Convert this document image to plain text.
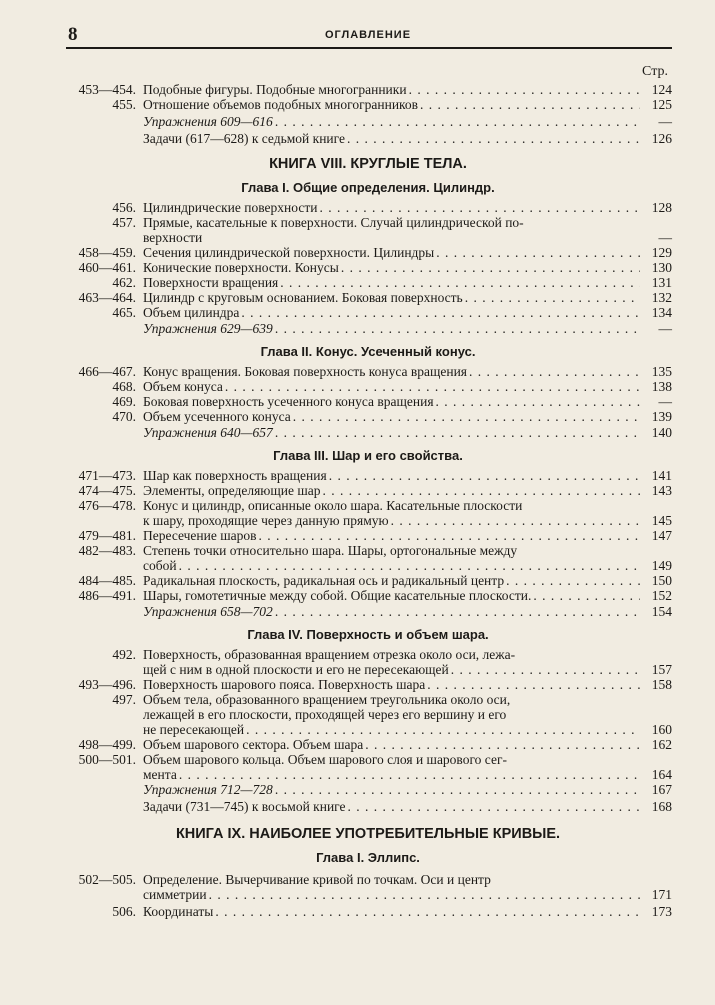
8	ОГЛАВЛЕНИЕ
Стр.
453—454. Подобные фигуры. Подобные многогранники . . .	124
455. Отношение объемов подобных многогранников . . .	125
Упражнения 609—616 . . .	—
Задачи (617—628) к седьмой книге . . .	126
КНИГА VIII. КРУГЛЫЕ ТЕЛА.
Глава I. Общие определения. Цилиндр.
456. Цилиндрические поверхности . . .	128
457. Прямые, касательные к поверхности. Случай цилиндрической по-
верхности	—
458—459. Сечения цилиндрической поверхности. Цилиндры . . .	129
460—461. Конические поверхности. Конусы . . .	130
462. Поверхности вращения . . .	131
463—464. Цилиндр с круговым основанием. Боковая поверхность . . .	132
465. Объем цилиндра . . .	134
Упражнения 629—639 . . .	—
Глава II. Конус. Усеченный конус.
466—467. Конус вращения. Боковая поверхность конуса вращения . . .	135
468. Объем конуса . . .	138
469. Боковая поверхность усеченного конуса вращения . . .	—
470. Объем усеченного конуса . . .	139
Упражнения 640—657 . . .	140
Глава III. Шар и его свойства.
471—473. Шар как поверхность вращения . . .	141
474—475. Элементы, определяющие шар . . .	143
476—478. Конус и цилиндр, описанные около шара. Касательные плоскости
к шару, проходящие через данную прямую . . .	145
479—481. Пересечение шаров . . .	147
482—483. Степень точки относительно шара. Шары, ортогональные между
собой . . .	149
484—485. Радикальная плоскость, радикальная ось и радикальный центр . . .	150
486—491. Шары, гомотетичные между собой. Общие касательные плоскости. . . .	152
Упражнения 658—702 . . .	154
Глава IV. Поверхность и объем шара.
492. Поверхность, образованная вращением отрезка около оси, лежа-
щей с ним в одной плоскости и его не пересекающей . . .	157
493—496. Поверхность шарового пояса. Поверхность шара . . .	158
497. Объем тела, образованного вращением треугольника около оси,
лежащей в его плоскости, проходящей через его вершину и его
не пересекающей . . .	160
498—499. Объем шарового сектора. Объем шара . . .	162
500—501. Объем шарового кольца. Объем шарового слоя и шарового сег-
мента . . .	164
Упражнения 712—728 . . .	167
Задачи (731—745) к восьмой книге . . .	168
КНИГА IX. НАИБОЛЕЕ УПОТРЕБИТЕЛЬНЫЕ КРИВЫЕ.
Глава I. Эллипс.
502—505. Определение. Вычерчивание кривой по точкам. Оси и центр
симметрии . . .	171
506. Координаты . . .	173
